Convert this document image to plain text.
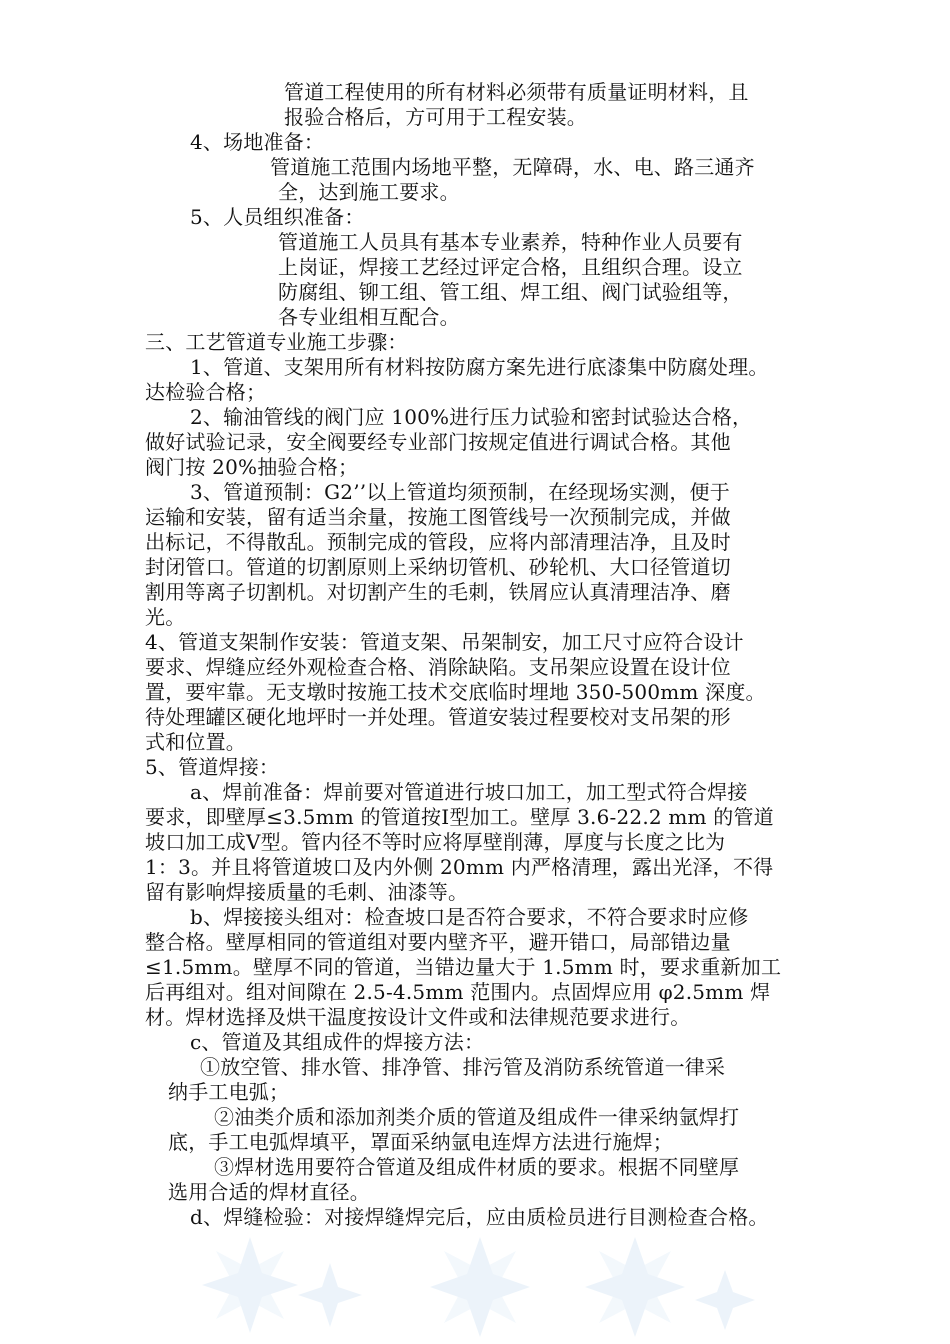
管道工程使用的所有材料必须带有质量证明材料，且
报验合格后，方可用于工程安装。
4、场地准备：
管道施工范围内场地平整，无障碍，水、电、路三通齐
全，达到施工要求。
5、人员组织准备：
管道施工人员具有基本专业素养，特种作业人员要有
上岗证，焊接工艺经过评定合格，且组织合理。设立
防腐组、铆工组、管工组、焊工组、阀门试验组等，
各专业组相互配合。
三、工艺管道专业施工步骤：
1、管道、支架用所有材料按防腐方案先进行底漆集中防腐处理。
达检验合格；
2、输油管线的阀门应 100%进行压力试验和密封试验达合格，
做好试验记录，安全阀要经专业部门按规定值进行调试合格。其他
阀门按 20%抽验合格；
3、管道预制：G2’’以上管道均须预制，在经现场实测，便于
运输和安装，留有适当余量，按施工图管线号一次预制完成，并做
出标记，不得散乱。预制完成的管段，应将内部清理洁净，且及时
封闭管口。管道的切割原则上采纳切管机、砂轮机、大口径管道切
割用等离子切割机。对切割产生的毛刺，铁屑应认真清理洁净、磨
光。
4、管道支架制作安装：管道支架、吊架制安，加工尺寸应符合设计
要求、焊缝应经外观检查合格、消除缺陷。支吊架应设置在设计位
置，要牢靠。无支墩时按施工技术交底临时埋地 350-500mm 深度。
待处理罐区硬化地坪时一并处理。管道安装过程要校对支吊架的形
式和位置。
5、管道焊接：
a、焊前准备：焊前要对管道进行坡口加工，加工型式符合焊接
要求，即壁厚≤3.5mm 的管道按Ⅰ型加工。壁厚 3.6-22.2 mm 的管道
坡口加工成Ⅴ型。管内径不等时应将厚壁削薄，厚度与长度之比为
1：3。并且将管道坡口及内外侧 20mm 内严格清理，露出光泽，不得
留有影响焊接质量的毛刺、油漆等。
b、焊接接头组对：检查坡口是否符合要求，不符合要求时应修
整合格。壁厚相同的管道组对要内壁齐平，避开错口，局部错边量
≤1.5mm。壁厚不同的管道，当错边量大于 1.5mm 时，要求重新加工
后再组对。组对间隙在 2.5-4.5mm 范围内。点固焊应用 φ2.5mm 焊
材。焊材选择及烘干温度按设计文件或和法律规范要求进行。
c、管道及其组成件的焊接方法：
①放空管、排水管、排净管、排污管及消防系统管道一律采
纳手工电弧；
②油类介质和添加剂类介质的管道及组成件一律采纳氩焊打
底，手工电弧焊填平，罩面采纳氩电连焊方法进行施焊；
③焊材选用要符合管道及组成件材质的要求。根据不同壁厚
选用合适的焊材直径。
d、焊缝检验：对接焊缝焊完后，应由质检员进行目测检查合格。
